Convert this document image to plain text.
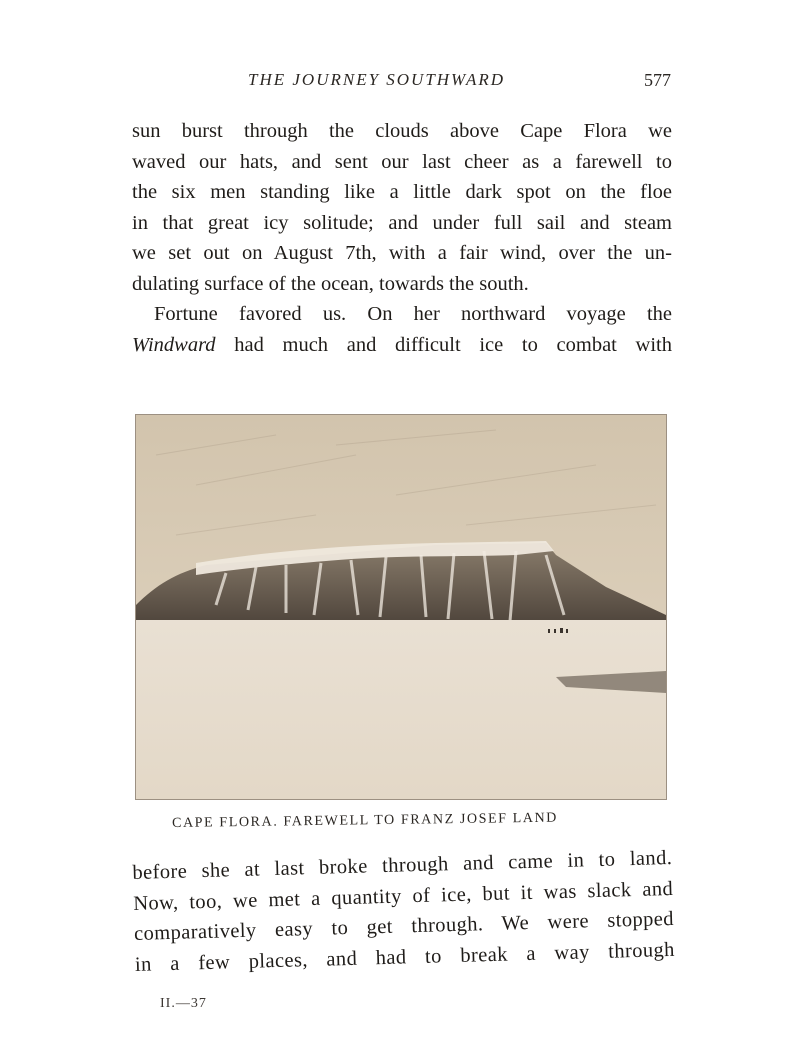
THE JOURNEY SOUTHWARD	577
sun burst through the clouds above Cape Flora we
waved our hats, and sent our last cheer as a farewell to
the six men standing like a little dark spot on the floe
in that great icy solitude; and under full sail and steam
we set out on August 7th, with a fair wind, over the un-
dulating surface of the ocean, towards the south.
Fortune favored us. On her northward voyage the
Windward had much and difficult ice to combat with
CAPE FLORA. FAREWELL TO FRANZ JOSEF LAND
before she at last broke through and came in to land.
Now, too, we met a quantity of ice, but it was slack and
comparatively easy to get through. We were stopped
in a few places, and had to break a way through
II.—37
